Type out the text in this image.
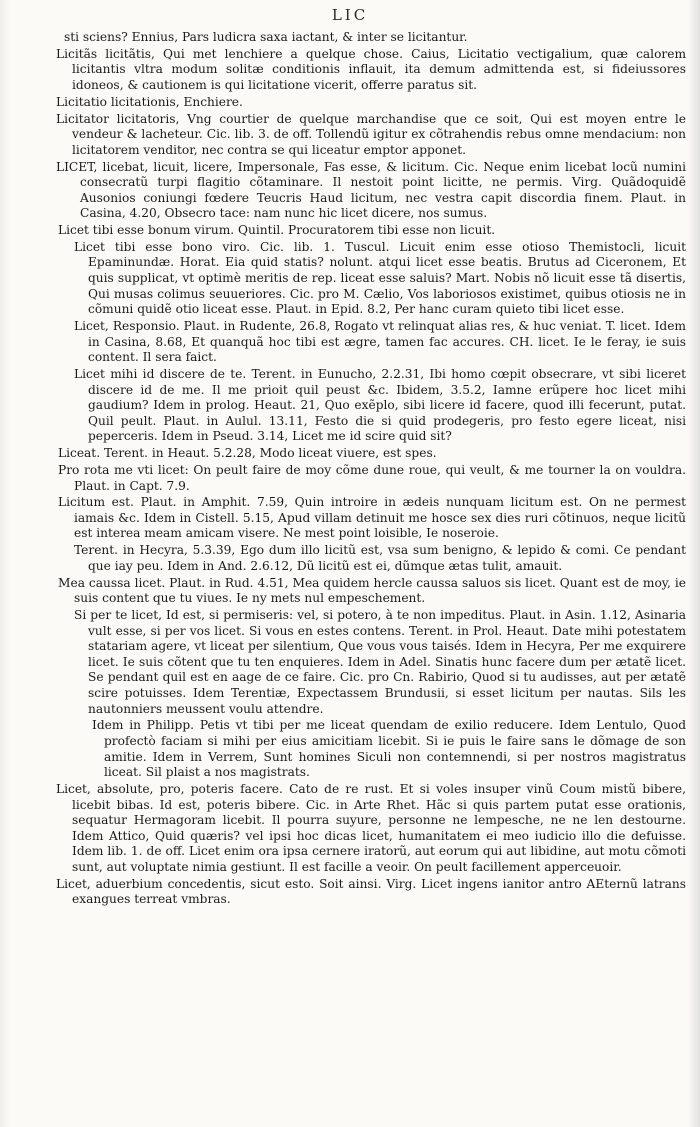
LIC

sti sciens? Ennius, Pars ludicra saxa iactant, & inter se licitantur.

Licitãs licitãtis, Qui met lenchiere a quelque chose. Caius, Licitatio vectigalium, quæ calorem licitantis vltra modum solitæ conditionis inflauit, ita demum admittenda est, si fideiussores idoneos, & cautionem is qui licitatione vicerit, offerre paratus sit.

Licitatio licitationis, Enchiere.

Licitator licitatoris, Vng courtier de quelque marchandise que ce soit, Qui est moyen entre le vendeur & lacheteur. Cic. lib. 3. de off. Tollendũ igitur ex cõtrahendis rebus omne mendacium: non licitatorem venditor, nec contra se qui liceatur emptor apponet.

LICET, licebat, licuit, licere, Impersonale, Fas esse, & licitum. Cic. Neque enim licebat locũ numini consecratũ turpi flagitio cõtaminare. Il nestoit point licitte, ne permis. Virg. Quãdoquidẽ Ausonios coniungi fœdere Teucris Haud licitum, nec vestra capit discordia finem. Plaut. in Casina, 4.20, Obsecro tace: nam nunc hic licet dicere, nos sumus.

Licet tibi esse bonum virum. Quintil. Procuratorem tibi esse non licuit.

Licet tibi esse bono viro. Cic. lib. 1. Tuscul. Licuit enim esse otioso Themistocli, licuit Epaminundæ. Horat. Eia quid statis? nolunt. atqui licet esse beatis. Brutus ad Ciceronem, Et quis supplicat, vt optimè meritis de rep. liceat esse saluis? Mart. Nobis nõ licuit esse tã disertis, Qui musas colimus seuueriores. Cic. pro M. Cælio, Vos laboriosos existimet, quibus otiosis ne in cõmuni quidẽ otio liceat esse. Plaut. in Epid. 8.2, Per hanc curam quieto tibi licet esse.

Licet, Responsio. Plaut. in Rudente, 26.8, Rogato vt relinquat alias res, & huc veniat. T. licet. Idem in Casina, 8.68, Et quanquã hoc tibi est ægre, tamen fac accures. CH. licet. Ie le feray, ie suis content. Il sera faict.

Licet mihi id discere de te. Terent. in Eunucho, 2.2.31, Ibi homo cœpit obsecrare, vt sibi liceret discere id de me. Il me prioit quil peust &c. Ibidem, 3.5.2, Iamne erũpere hoc licet mihi gaudium? Idem in prolog. Heaut. 21, Quo exẽplo, sibi licere id facere, quod illi fecerunt, putat. Quil peult. Plaut. in Aulul. 13.11, Festo die si quid prodegeris, pro festo egere liceat, nisi peperceris. Idem in Pseud. 3.14, Licet me id scire quid sit?

Liceat. Terent. in Heaut. 5.2.28, Modo liceat viuere, est spes.

Pro rota me vti licet: On peult faire de moy cõme dune roue, qui veult, & me tourner la on vouldra. Plaut. in Capt. 7.9.

Licitum est. Plaut. in Amphit. 7.59, Quin introire in ædeis nunquam licitum est. On ne permest iamais &c. Idem in Cistell. 5.15, Apud villam detinuit me hosce sex dies ruri cõtinuos, neque licitũ est interea meam amicam visere. Ne mest point loisible, Ie noseroie.

Terent. in Hecyra, 5.3.39, Ego dum illo licitũ est, vsa sum benigno, & lepido & comi. Ce pendant que iay peu. Idem in And. 2.6.12, Dũ licitũ est ei, dũmque ætas tulit, amauit.

Mea caussa licet. Plaut. in Rud. 4.51, Mea quidem hercle caussa saluos sis licet. Quant est de moy, ie suis content que tu viues. Ie ny mets nul empeschement.

Si per te licet, Id est, si permiseris: vel, si potero, à te non impeditus. Plaut. in Asin. 1.12, Asinaria vult esse, si per vos licet. Si vous en estes contens. Terent. in Prol. Heaut. Date mihi potestatem statariam agere, vt liceat per silentium, Que vous vous taisés. Idem in Hecyra, Per me exquirere licet. Ie suis cõtent que tu ten enquieres. Idem in Adel. Sinatis hunc facere dum per ætatẽ licet. Se pendant quil est en aage de ce faire. Cic. pro Cn. Rabirio, Quod si tu audisses, aut per ætatẽ scire potuisses. Idem Terentiæ, Expectassem Brundusii, si esset licitum per nautas. Sils les nautonniers meussent voulu attendre.

Idem in Philipp. Petis vt tibi per me liceat quendam de exilio reducere. Idem Lentulo, Quod profectò faciam si mihi per eius amicitiam licebit. Si ie puis le faire sans le dõmage de son amitie. Idem in Verrem, Sunt homines Siculi non contemnendi, si per nostros magistratus liceat. Sil plaist a nos magistrats.

Licet, absolute, pro, poteris facere. Cato de re rust. Et si voles insuper vinũ Coum mistũ bibere, licebit bibas. Id est, poteris bibere. Cic. in Arte Rhet. Hãc si quis partem putat esse orationis, sequatur Hermagoram licebit. Il pourra suyure, personne ne lempesche, ne ne len destourne. Idem Attico, Quid quæris? vel ipsi hoc dicas licet, humanitatem ei meo iudicio illo die defuisse. Idem lib. 1. de off. Licet enim ora ipsa cernere iratorũ, aut eorum qui aut libidine, aut motu cõmoti sunt, aut voluptate nimia gestiunt. Il est facille a veoir. On peult facillement apperceuoir.

Licet, aduerbium concedentis, sicut esto. Soit ainsi. Virg. Licet ingens ianitor antro AEternũ latrans exangues terreat vmbras.
